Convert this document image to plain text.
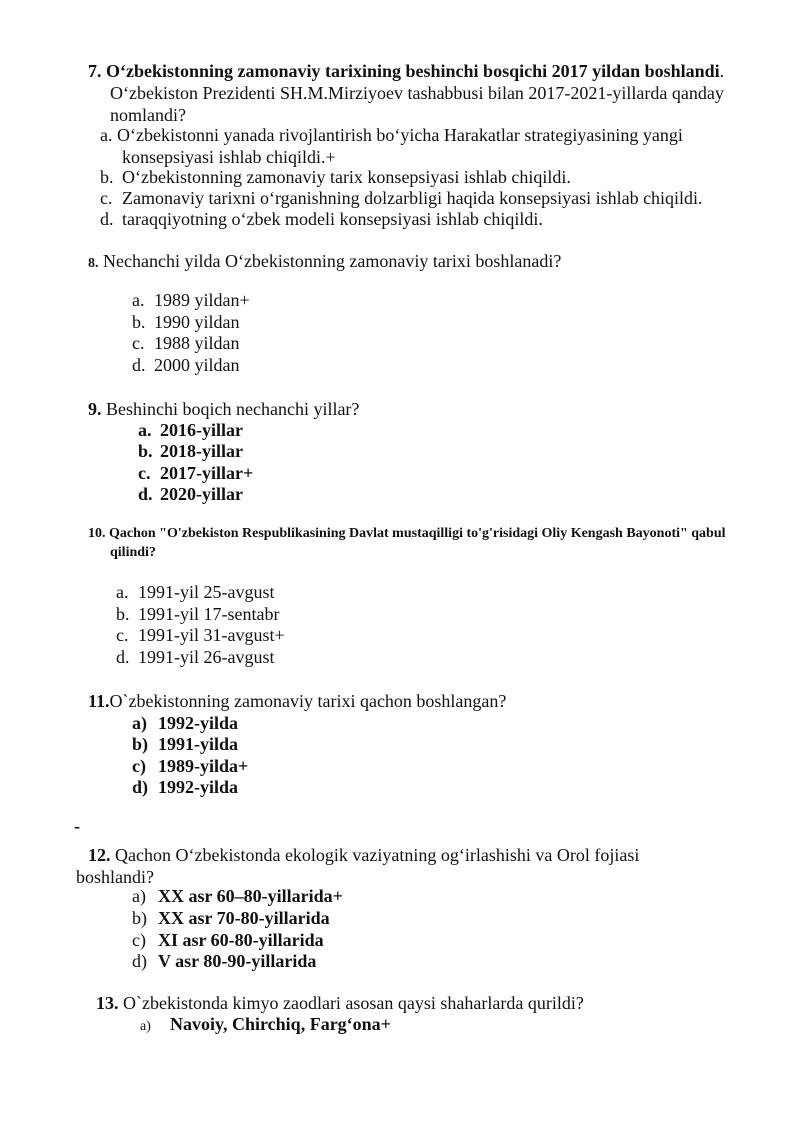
7. O‘zbekistonning zamonaviy tarixining beshinchi bosqichi 2017 yildan boshlandi. O‘zbekiston Prezidenti SH.M.Mirziyoev tashabbusi bilan 2017-2021-yillarda qanday nomlandi?
a. O‘zbekistonni yanada rivojlantirish bo‘yicha Harakatlar strategiyasining yangi konsepsiyasi ishlab chiqildi.+
b. O‘zbekistonning zamonaviy tarix konsepsiyasi ishlab chiqildi.
c. Zamonaviy tarixni o‘rganishning dolzarbligi haqida konsepsiyasi ishlab chiqildi.
d. taraqqiyotning o‘zbek modeli konsepsiyasi ishlab chiqildi.
8. Nechanchi yilda O‘zbekistonning zamonaviy tarixi boshlanadi?
a. 1989 yildan+
b. 1990 yildan
c. 1988 yildan
d. 2000 yildan
9. Beshinchi boqich nechanchi yillar?
a. 2016-yillar
b. 2018-yillar
c. 2017-yillar+
d. 2020-yillar
10. Qachon "O'zbekiston Respublikasining Davlat mustaqilligi to'g'risidagi Oliy Kengash Bayonoti" qabul qilindi?
a. 1991-yil 25-avgust
b. 1991-yil 17-sentabr
c. 1991-yil 31-avgust+
d. 1991-yil 26-avgust
11.O`zbekistonning zamonaviy tarixi qachon boshlangan?
a) 1992-yilda
b) 1991-yilda
c) 1989-yilda+
d) 1992-yilda
-
12. Qachon O‘zbekistonda ekologik vaziyatning og‘irlashishi va Orol fojiasi boshlandi?
a) XX asr 60–80-yillarida+
b) XX asr 70-80-yillarida
c) XI asr 60-80-yillarida
d) V asr 80-90-yillarida
13. O`zbekistonda kimyo zaodlari asosan qaysi shaharlarda qurildi?
a) Navoiy, Chirchiq, Farg‘ona+
